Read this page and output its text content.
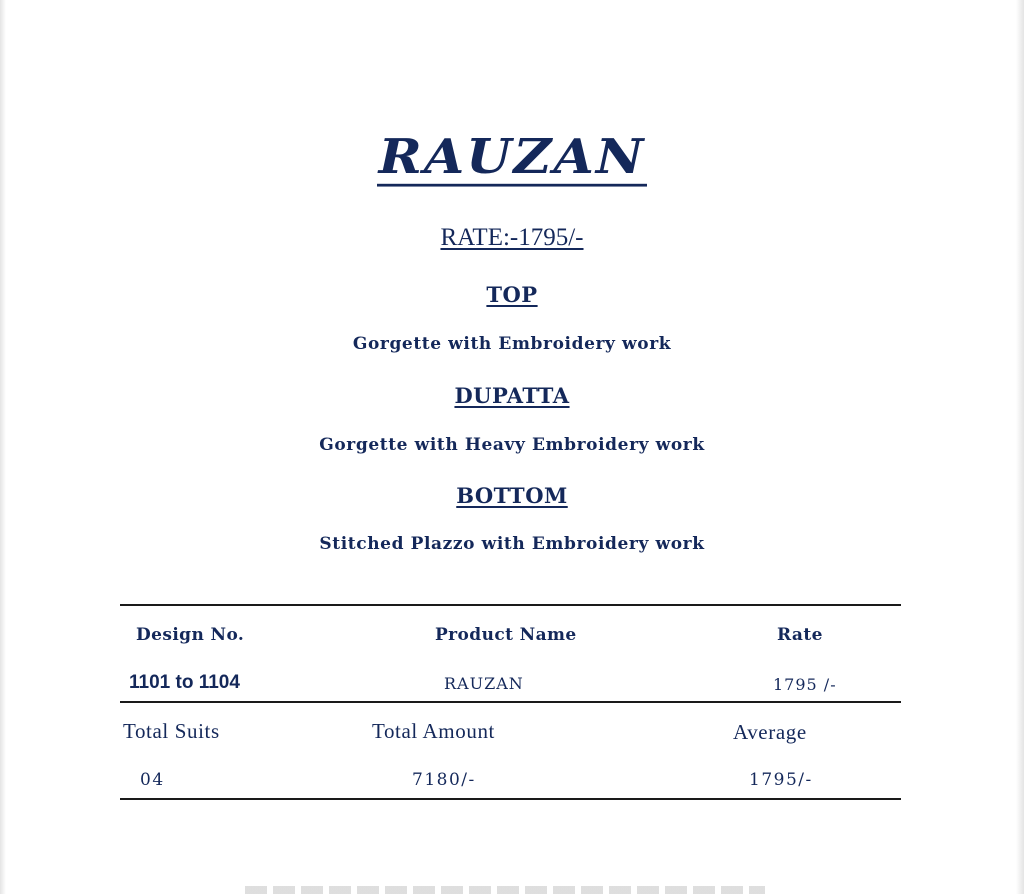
RAUZAN
RATE:-1795/-
TOP
Gorgette with Embroidery work
DUPATTA
Gorgette with Heavy Embroidery work
BOTTOM
Stitched Plazzo with Embroidery work
Design No.	Product Name	Rate
1101 to 1104	RAUZAN	1795 /-
Total Suits	Total Amount	Average
04	7180/-	1795/-
